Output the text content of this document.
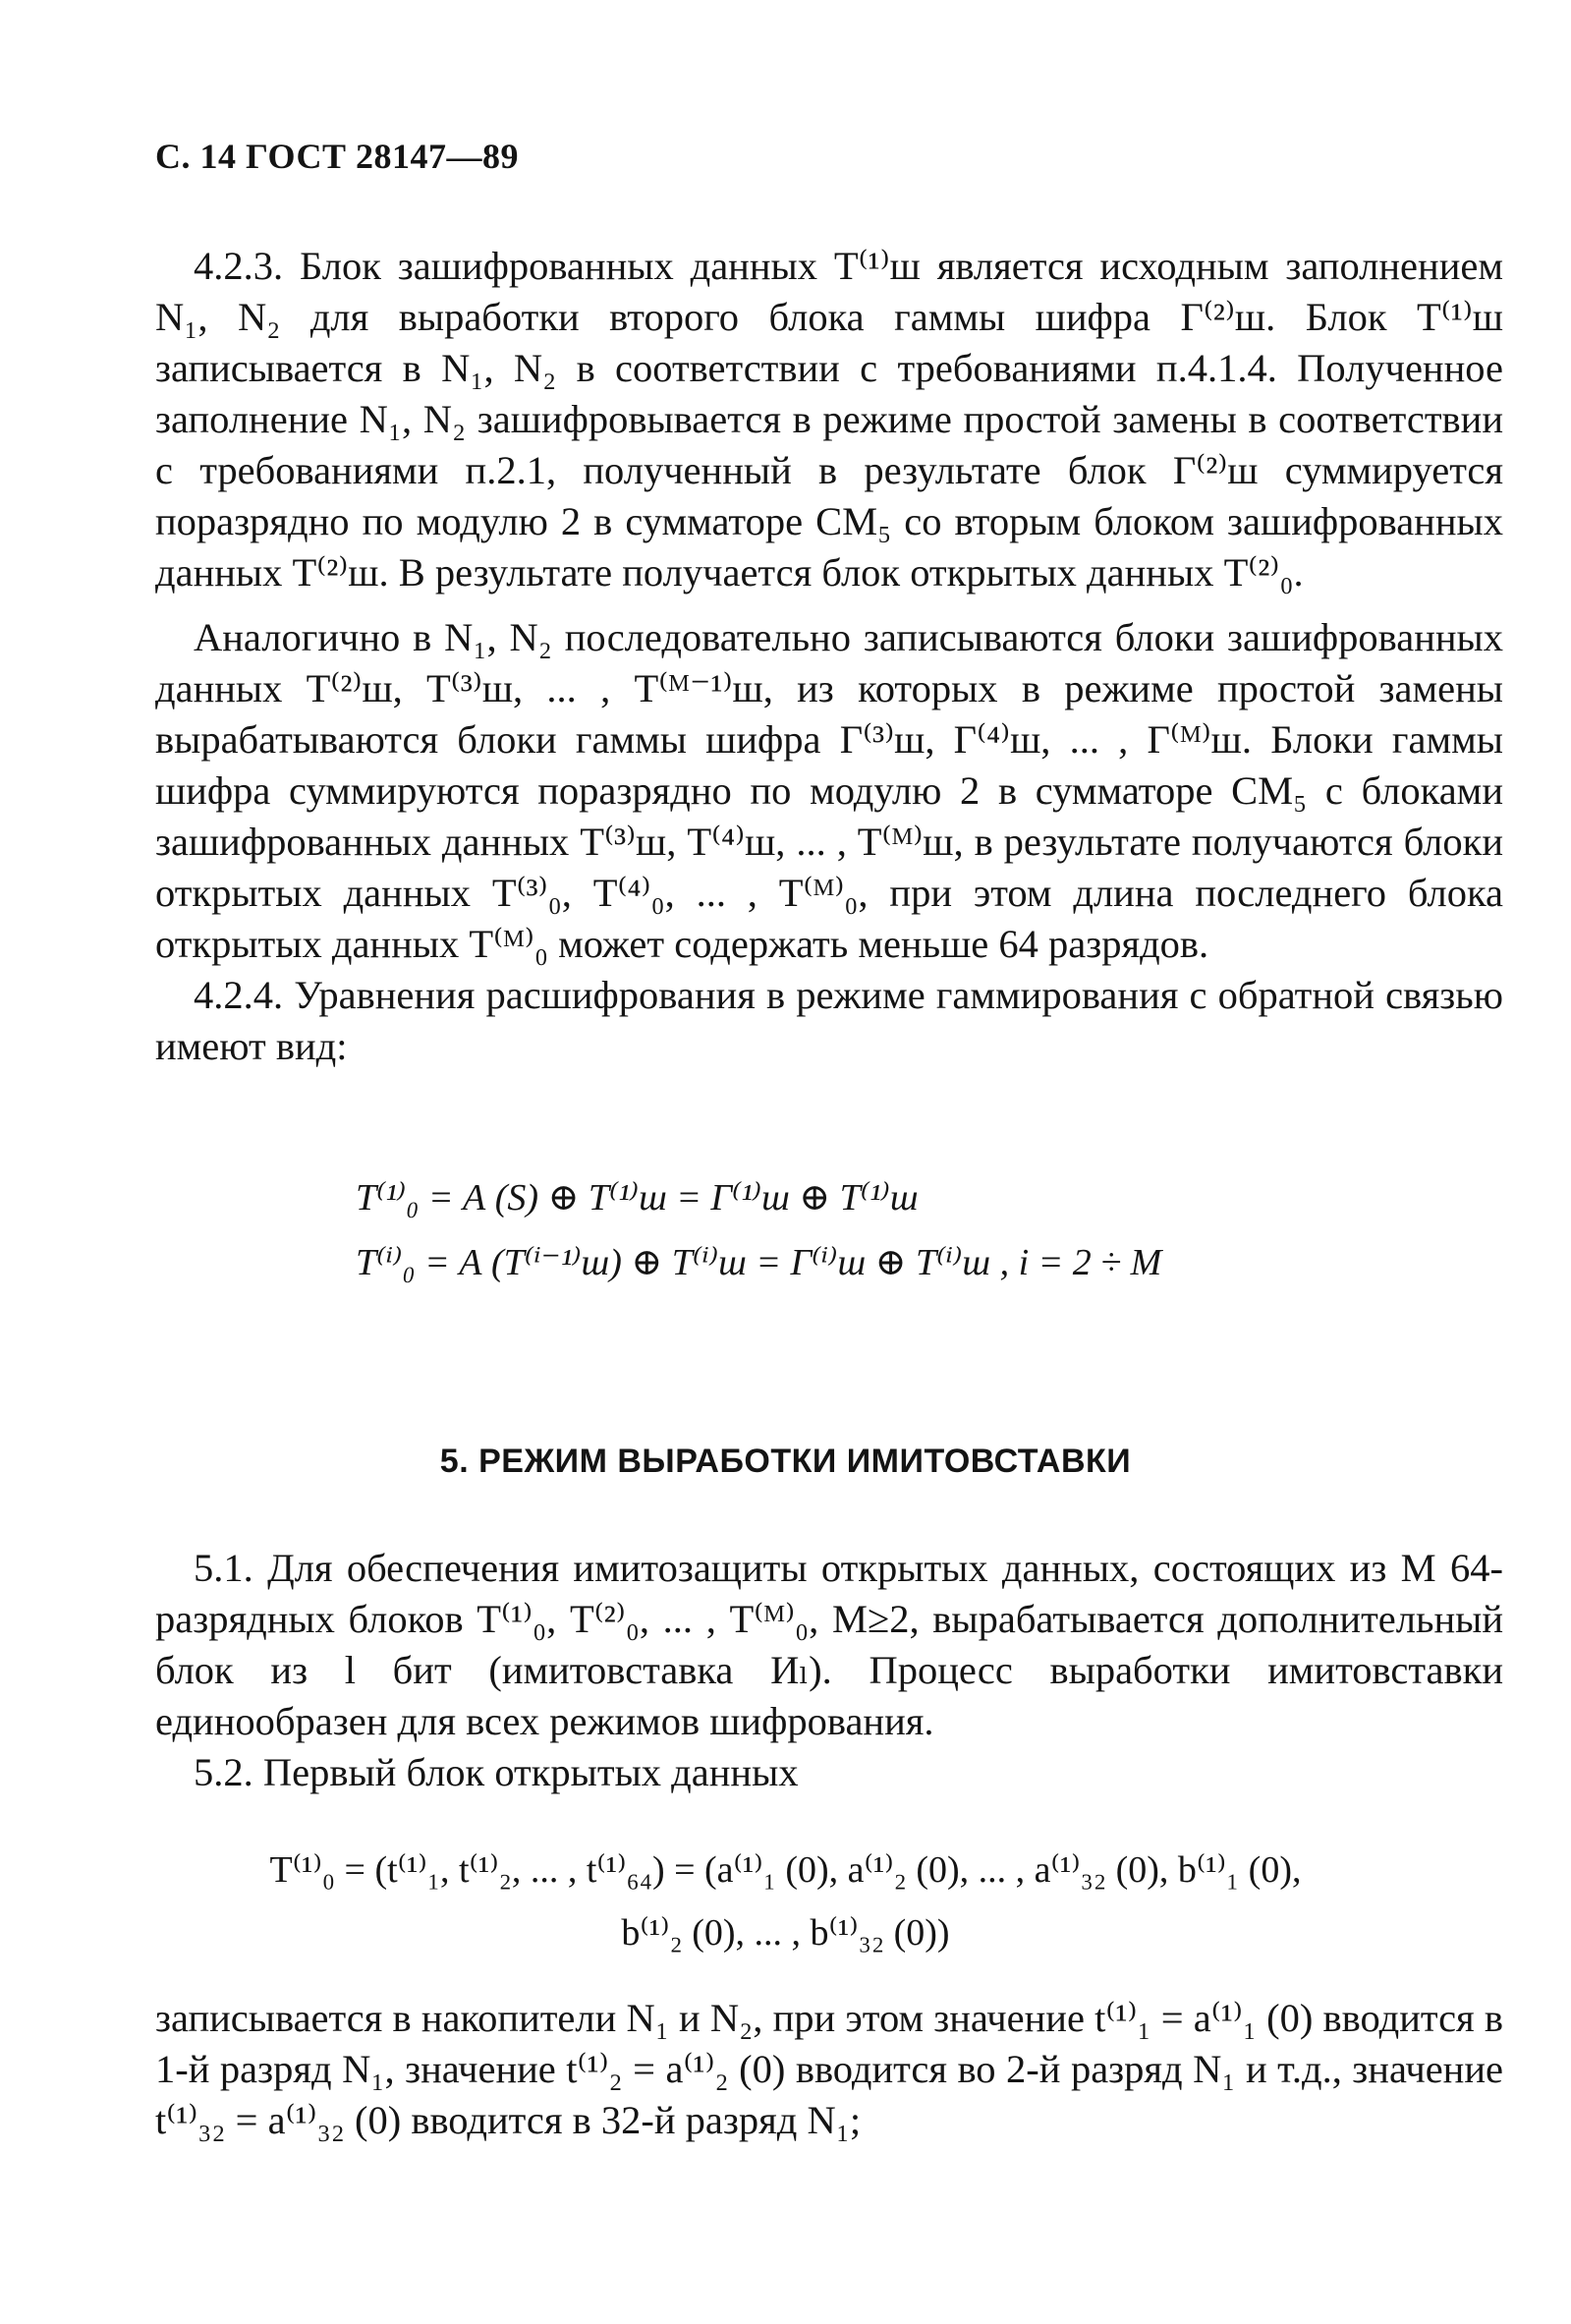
С. 14 ГОСТ 28147—89

4.2.3. Блок зашифрованных данных Т⁽¹⁾ш является исходным заполнением N₁, N₂ для выработки второго блока гаммы шифра Г⁽²⁾ш. Блок Т⁽¹⁾ш записывается в N₁, N₂ в соответствии с требованиями п.4.1.4. Полученное заполнение N₁, N₂ зашифровывается в режиме простой замены в соответствии с требованиями п.2.1, полученный в результате блок Г⁽²⁾ш суммируется поразрядно по модулю 2 в сумматоре СМ₅ со вторым блоком зашифрованных данных Т⁽²⁾ш. В результате получается блок открытых данных Т⁽²⁾₀.

Аналогично в N₁, N₂ последовательно записываются блоки зашифрованных данных Т⁽²⁾ш, Т⁽³⁾ш, ... , Т⁽ᴹ⁻¹⁾ш, из которых в режиме простой замены вырабатываются блоки гаммы шифра Г⁽³⁾ш, Г⁽⁴⁾ш, ... , Г⁽ᴹ⁾ш. Блоки гаммы шифра суммируются поразрядно по модулю 2 в сумматоре СМ₅ с блоками зашифрованных данных Т⁽³⁾ш, Т⁽⁴⁾ш, ... , Т⁽ᴹ⁾ш, в результате получаются блоки открытых данных Т⁽³⁾₀, Т⁽⁴⁾₀, ... , Т⁽ᴹ⁾₀, при этом длина последнего блока открытых данных Т⁽ᴹ⁾₀ может содержать меньше 64 разрядов.

4.2.4. Уравнения расшифрования в режиме гаммирования с обратной связью имеют вид:

Т⁽¹⁾₀ = А (S) ⊕ Т⁽¹⁾ш = Г⁽¹⁾ш ⊕ Т⁽¹⁾ш
Т⁽ⁱ⁾₀ = А (Т⁽ⁱ⁻¹⁾ш) ⊕ Т⁽ⁱ⁾ш = Г⁽ⁱ⁾ш ⊕ Т⁽ⁱ⁾ш , i = 2 ÷ М
5. РЕЖИМ ВЫРАБОТКИ ИМИТОВСТАВКИ

5.1. Для обеспечения имитозащиты открытых данных, состоящих из М 64-разрядных блоков Т⁽¹⁾₀, Т⁽²⁾₀, ... , Т⁽ᴹ⁾₀, М≥2, вырабатывается дополнительный блок из l бит (имитовставка Иₗ). Процесс выработки имитовставки единообразен для всех режимов шифрования.

5.2. Первый блок открытых данных

Т⁽¹⁾₀ = (t⁽¹⁾₁, t⁽¹⁾₂, ... , t⁽¹⁾₆₄) = (a⁽¹⁾₁ (0), a⁽¹⁾₂ (0), ... , a⁽¹⁾₃₂ (0), b⁽¹⁾₁ (0),
b⁽¹⁾₂ (0), ... , b⁽¹⁾₃₂ (0))

записывается в накопители N₁ и N₂, при этом значение t⁽¹⁾₁ = a⁽¹⁾₁ (0) вводится в 1-й разряд N₁, значение t⁽¹⁾₂ = a⁽¹⁾₂ (0) вводится во 2-й разряд N₁ и т.д., значение t⁽¹⁾₃₂ = a⁽¹⁾₃₂ (0) вводится в 32-й разряд N₁;
